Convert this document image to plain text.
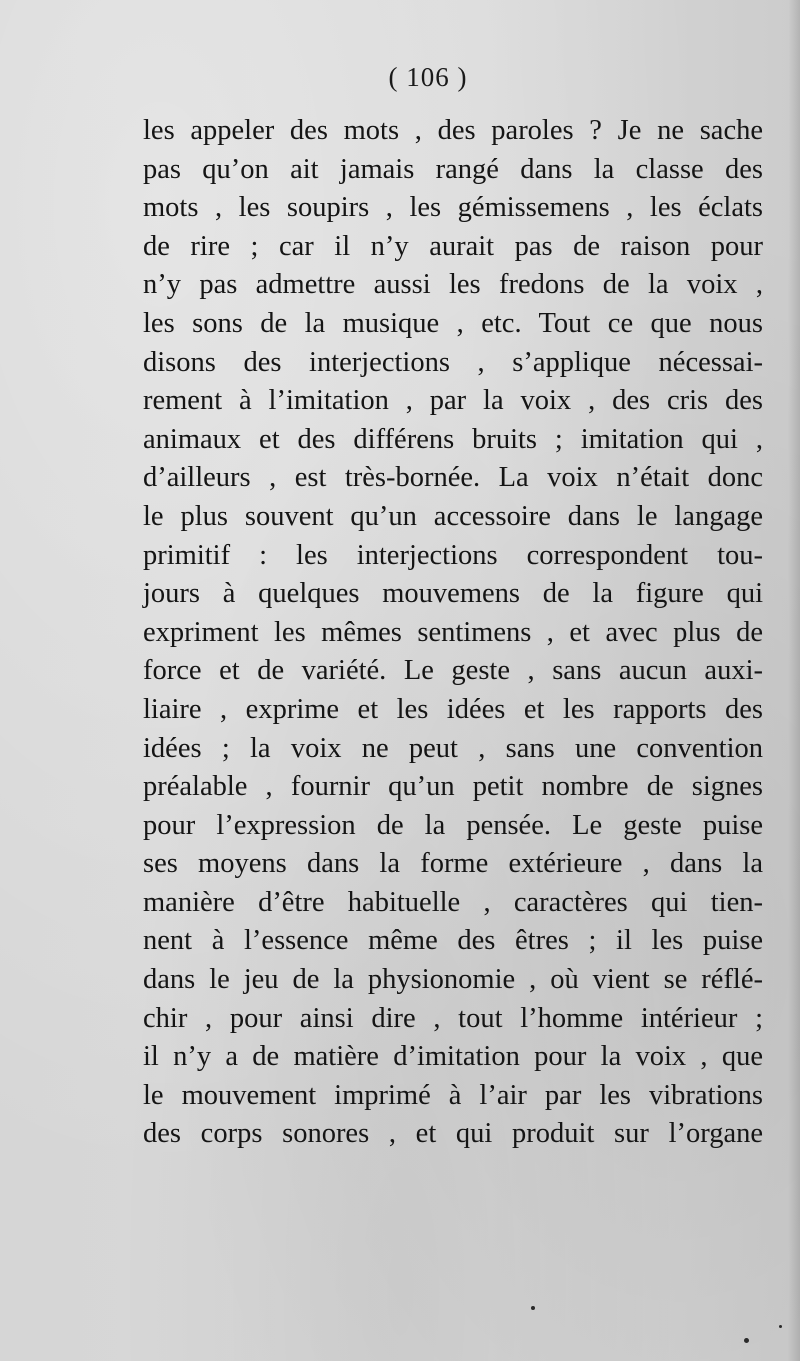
( 106 )
les appeler des mots , des paroles ? Je ne sache
pas qu’on ait jamais rangé dans la classe des
mots , les soupirs , les gémissemens , les éclats
de rire ; car il n’y aurait pas de raison pour
n’y pas admettre aussi les fredons de la voix ,
les sons de la musique , etc. Tout ce que nous
disons des interjections , s’applique nécessai-
rement à l’imitation , par la voix , des cris des
animaux et des différens bruits ; imitation qui ,
d’ailleurs , est très-bornée. La voix n’était donc
le plus souvent qu’un accessoire dans le langage
primitif : les interjections correspondent tou-
jours à quelques mouvemens de la figure qui
expriment les mêmes sentimens , et avec plus de
force et de variété. Le geste , sans aucun auxi-
liaire , exprime et les idées et les rapports des
idées ; la voix ne peut , sans une convention
préalable , fournir qu’un petit nombre de signes
pour l’expression de la pensée. Le geste puise
ses moyens dans la forme extérieure , dans la
manière d’être habituelle , caractères qui tien-
nent à l’essence même des êtres ; il les puise
dans le jeu de la physionomie , où vient se réflé-
chir , pour ainsi dire , tout l’homme intérieur ;
il n’y a de matière d’imitation pour la voix , que
le mouvement imprimé à l’air par les vibrations
des corps sonores , et qui produit sur l’organe
